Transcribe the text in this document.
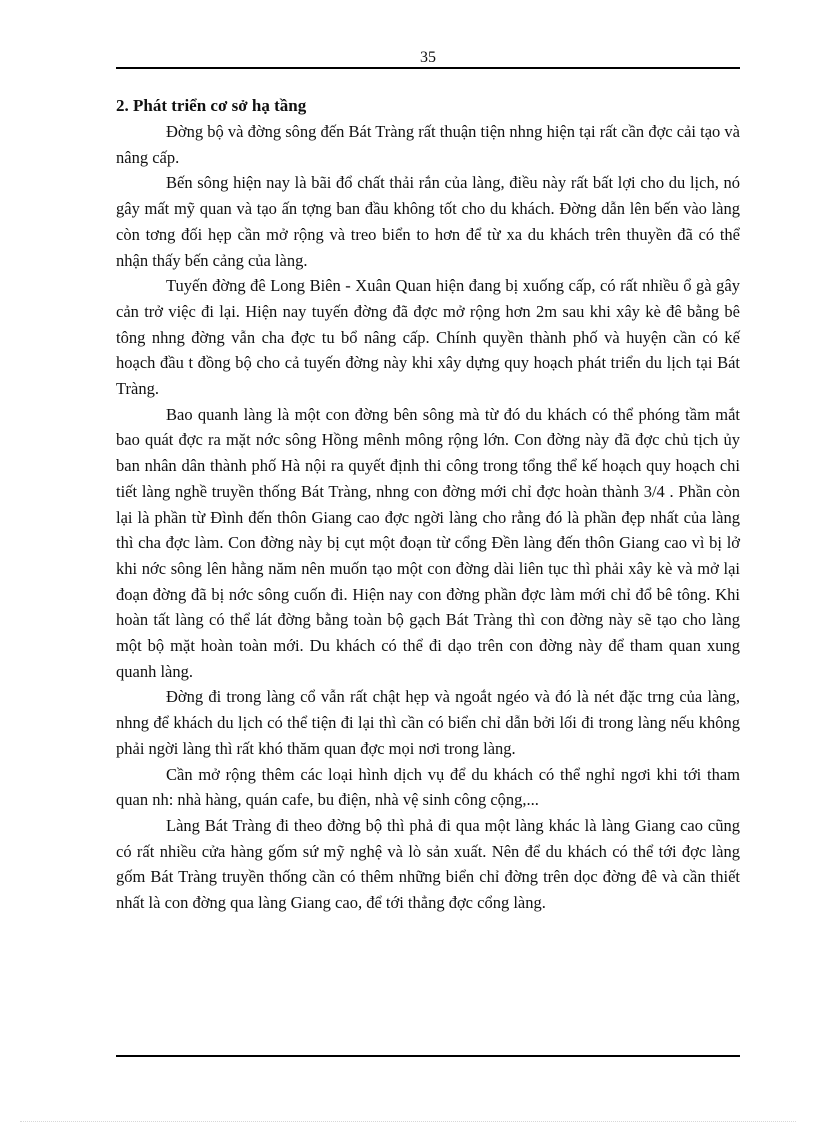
35
2. Phát triển cơ sở hạ tầng

Đờng bộ và đờng sông đến Bát Tràng rất thuận tiện nhng hiện tại rất cần đợc cải tạo và nâng cấp.

Bến sông hiện nay là bãi đổ chất thải rắn của làng, điều này rất bất lợi cho du lịch, nó gây mất mỹ quan và tạo ấn tợng ban đầu không tốt cho du khách. Đờng dẫn lên bến vào làng còn tơng đối hẹp cần mở rộng và treo biển to hơn để từ xa du khách trên thuyền đã có thể nhận thấy bến cảng của làng.

Tuyến đờng đê Long Biên - Xuân Quan hiện đang bị xuống cấp, có rất nhiều ổ gà gây cản trở việc đi lại. Hiện nay tuyến đờng đã đợc mở rộng hơn 2m sau khi xây kè đê bằng bê tông nhng đờng vẫn cha đợc tu bổ nâng cấp. Chính quyền thành phố và huyện cần có kế hoạch đầu t đồng bộ cho cả tuyến đờng này khi xây dựng quy hoạch phát triển du lịch tại Bát Tràng.

Bao quanh làng là một con đờng bên sông mà từ đó du khách có thể phóng tầm mắt bao quát đợc ra mặt nớc sông Hồng mênh mông rộng lớn. Con đờng này đã đợc chủ tịch ủy ban nhân dân thành phố Hà nội ra quyết định thi công trong tổng thể kế hoạch quy hoạch chi tiết làng nghề truyền thống Bát Tràng, nhng con đờng mới chỉ đợc hoàn thành 3/4 . Phần còn lại là phần từ Đình đến thôn Giang cao đợc ngời làng cho rằng đó là phần đẹp nhất của làng thì cha đợc làm. Con đờng này bị cụt một đoạn từ cổng Đền làng đến thôn Giang cao vì bị lở khi nớc sông lên hằng năm nên muốn tạo một con đờng dài liên tục thì phải xây kè và mở lại đoạn đờng đã bị nớc sông cuốn đi. Hiện nay con đờng phần đợc làm mới chỉ đổ bê tông. Khi hoàn tất làng có thể lát đờng bằng toàn bộ gạch Bát Tràng thì con đờng này sẽ tạo cho làng một bộ mặt hoàn toàn mới. Du khách có thể đi dạo trên con đờng này để tham quan xung quanh làng.

Đờng đi trong làng cổ vẫn rất chật hẹp và ngoắt ngéo và đó là nét đặc trng của làng, nhng để khách du lịch có thể tiện đi lại thì cần có biển chỉ dẫn bởi lối đi trong làng nếu không phải ngời làng thì rất khó thăm quan đợc mọi nơi trong làng.

Cần mở rộng thêm các loại hình dịch vụ để du khách có thể nghỉ ngơi khi tới tham quan nh: nhà hàng, quán cafe, bu điện, nhà vệ sinh công cộng,...

Làng Bát Tràng đi theo đờng bộ thì phả đi qua một làng khác là làng Giang cao cũng có rất nhiều cửa hàng gốm sứ mỹ nghệ và lò sản xuất. Nên để du khách có thể tới đợc làng gốm Bát Tràng truyền thống cần có thêm những biển chỉ đờng trên dọc đờng đê và cần thiết nhất là con đờng qua làng Giang cao, để tới thẳng đợc cổng làng.
